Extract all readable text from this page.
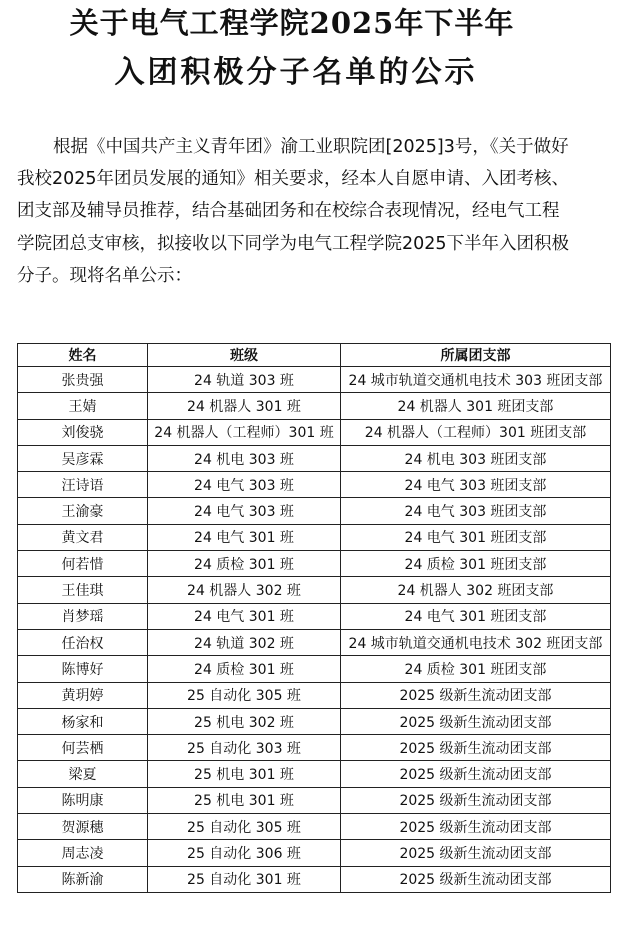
关于电气工程学院2025年下半年
入团积极分子名单的公示

根据《中国共产主义青年团》渝工业职院团[2025]3号，《关于做好
我校2025年团员发展的通知》相关要求，经本人自愿申请、入团考核、
团支部及辅导员推荐，结合基础团务和在校综合表现情况，经电气工程
学院团总支审核，拟接收以下同学为电气工程学院2025下半年入团积极
分子。现将名单公示：

姓名	班级	所属团支部
张贵强	24 轨道 303 班	24 城市轨道交通机电技术 303 班团支部
王婧	24 机器人 301 班	24 机器人 301 班团支部
刘俊骁	24 机器人（工程师）301 班	24 机器人（工程师）301 班团支部
吴彦霖	24 机电 303 班	24 机电 303 班团支部
汪诗语	24 电气 303 班	24 电气 303 班团支部
王渝豪	24 电气 303 班	24 电气 303 班团支部
黄文君	24 电气 301 班	24 电气 301 班团支部
何若惜	24 质检 301 班	24 质检 301 班团支部
王佳琪	24 机器人 302 班	24 机器人 302 班团支部
肖梦瑶	24 电气 301 班	24 电气 301 班团支部
任治权	24 轨道 302 班	24 城市轨道交通机电技术 302 班团支部
陈博好	24 质检 301 班	24 质检 301 班团支部
黄玥婷	25 自动化 305 班	2025 级新生流动团支部
杨家和	25 机电 302 班	2025 级新生流动团支部
何芸栖	25 自动化 303 班	2025 级新生流动团支部
梁夏	25 机电 301 班	2025 级新生流动团支部
陈明康	25 机电 301 班	2025 级新生流动团支部
贺源穗	25 自动化 305 班	2025 级新生流动团支部
周志凌	25 自动化 306 班	2025 级新生流动团支部
陈新渝	25 自动化 301 班	2025 级新生流动团支部
